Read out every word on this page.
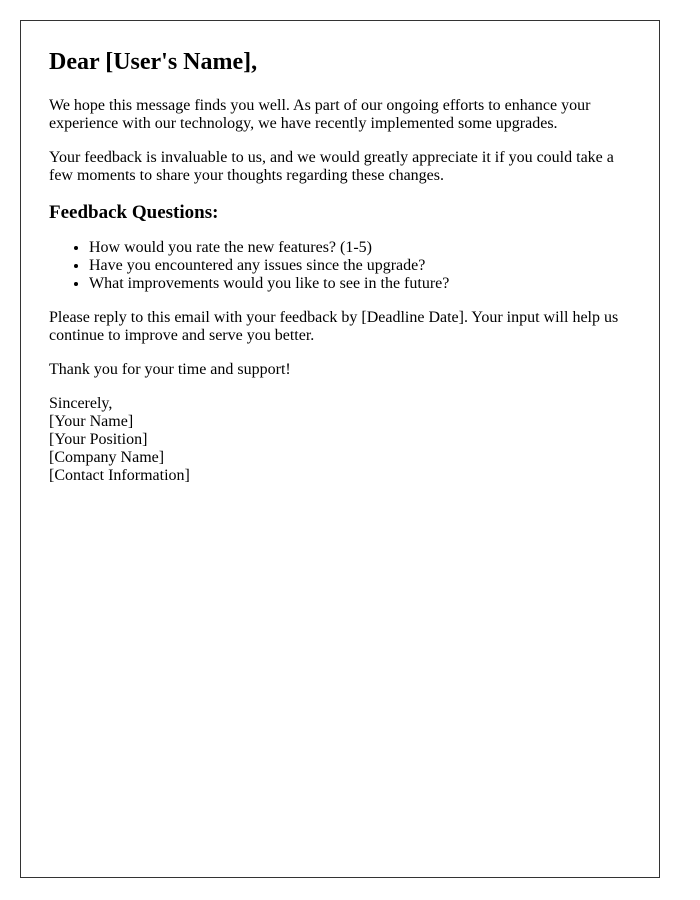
Dear [User's Name],

We hope this message finds you well. As part of our ongoing efforts to enhance your experience with our technology, we have recently implemented some upgrades.

Your feedback is invaluable to us, and we would greatly appreciate it if you could take a few moments to share your thoughts regarding these changes.

Feedback Questions:
• How would you rate the new features? (1-5)
• Have you encountered any issues since the upgrade?
• What improvements would you like to see in the future?

Please reply to this email with your feedback by [Deadline Date]. Your input will help us continue to improve and serve you better.

Thank you for your time and support!

Sincerely,
[Your Name]
[Your Position]
[Company Name]
[Contact Information]
